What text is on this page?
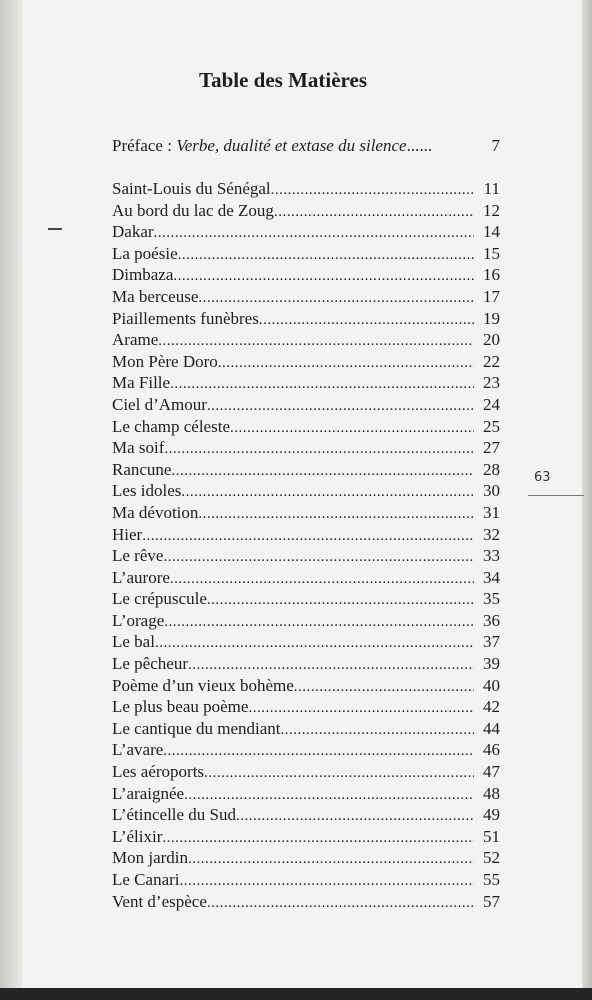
Table des Matières
Préface : Verbe, dualité et extase du silence ......	7
Saint-Louis du Sénégal .....	11
Au bord du lac de Zoug .....	12
Dakar .....	14
La poésie .....	15
Dimbaza .....	16
Ma berceuse .....	17
Piaillements funèbres .....	19
Arame .....	20
Mon Père Doro .....	22
Ma Fille .....	23
Ciel d’Amour .....	24
Le champ céleste .....	25
Ma soif .....	27
Rancune .....	28
Les idoles .....	30
Ma dévotion .....	31
Hier .....	32
Le rêve .....	33
L’aurore .....	34
Le crépuscule .....	35
L’orage .....	36
Le bal .....	37
Le pêcheur .....	39
Poème d’un vieux bohème .....	40
Le plus beau poème .....	42
Le cantique du mendiant .....	44
L’avare .....	46
Les aéroports .....	47
L’araignée .....	48
L’étincelle du Sud .....	49
L’élixir .....	51
Mon jardin .....	52
Le Canari .....	55
Vent d’espèce .....	57
63
